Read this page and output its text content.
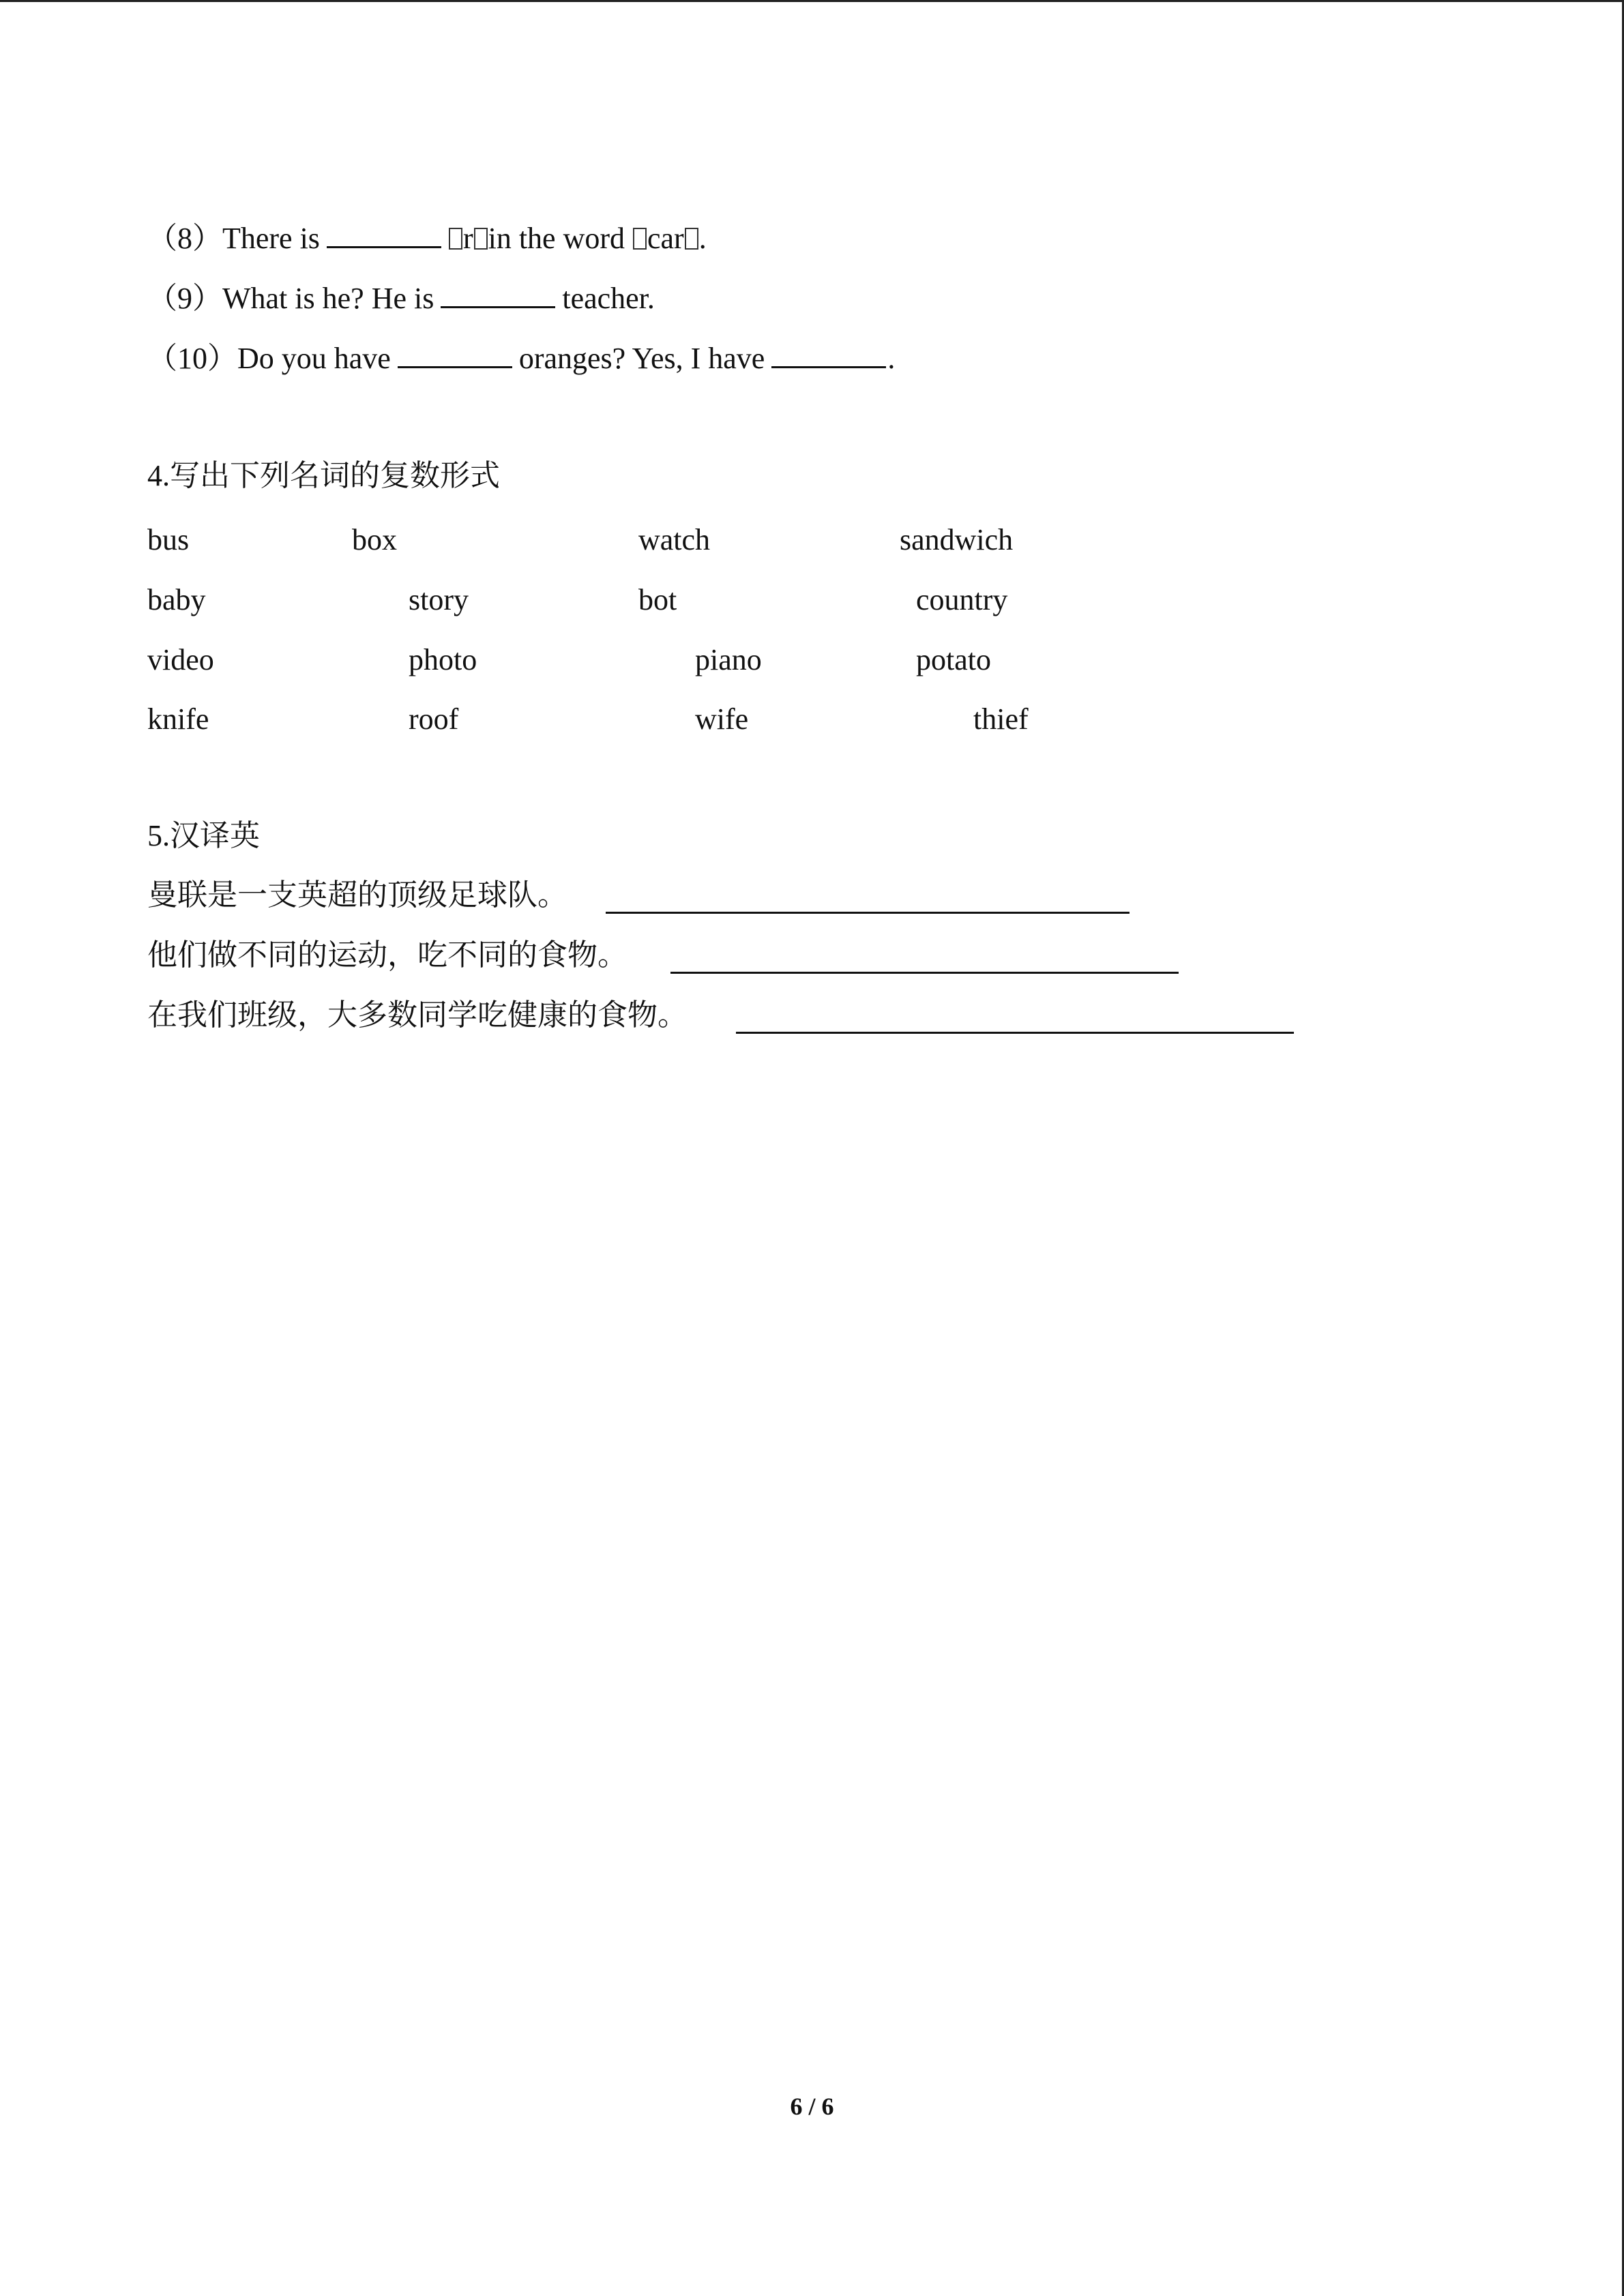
（8）There is	r in the word car .
（9）What is he? He is	teacher.
（10）Do you have	oranges? Yes, I have	.
4.写出下列名词的复数形式
bus	box	watch	sandwich
baby	story	bot	country
video	photo	piano	potato
knife	roof	wife	thief
5.汉译英
曼联是一支英超的顶级足球队。
他们做不同的运动，吃不同的食物。
在我们班级，大多数同学吃健康的食物。
6 / 6
